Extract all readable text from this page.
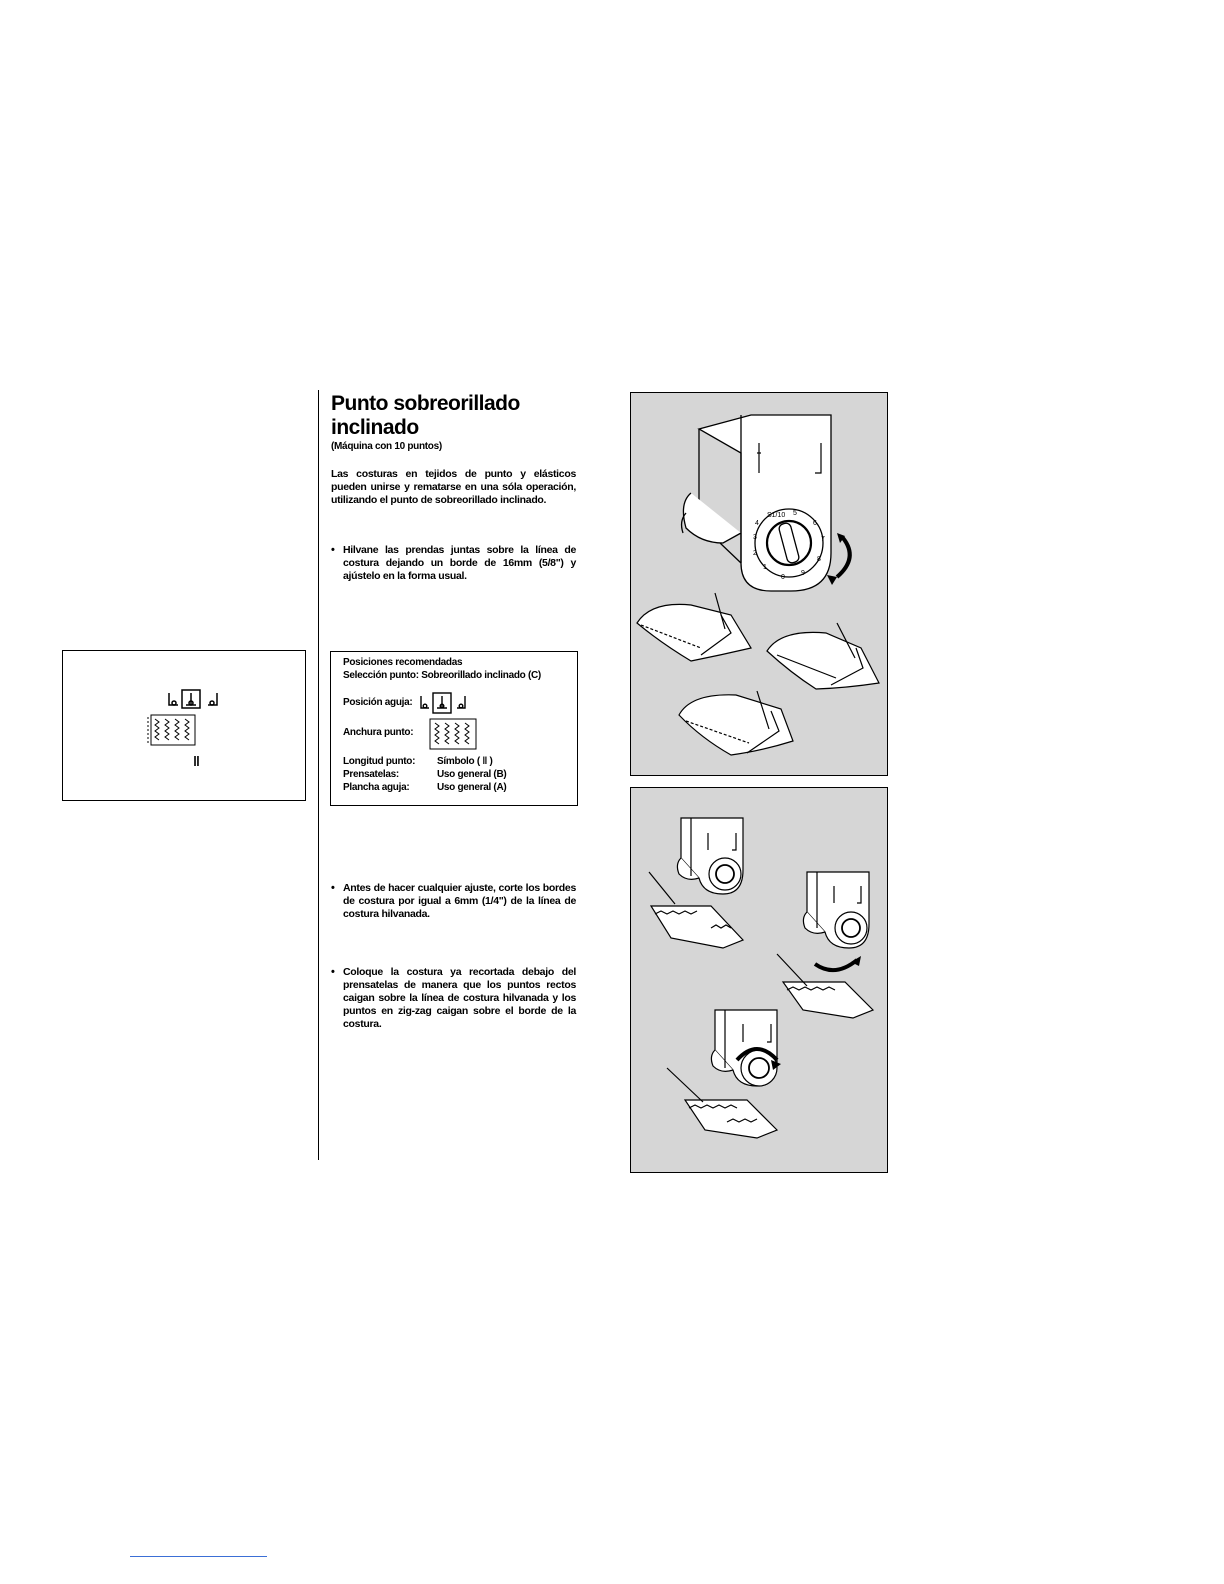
ǁ
Punto sobreorillado inclinado
(Máquina con 10 puntos)
Las costuras en tejidos de punto y elásticos pueden unirse y rematarse en una sóla operación, utilizando el punto de sobreorillado inclinado.
• Hilvane las prendas juntas sobre la línea de costura dejando un borde de 16mm (5/8") y ajústelo en la forma usual.
Posiciones recomendadas
Selección punto: Sobreorillado inclinado (C)
Posición aguja:
Anchura punto:
Longitud punto: Símbolo ( ǁ )
Prensatelas:	Uso general (B)
Plancha aguja:	Uso general (A)
• Antes de hacer cualquier ajuste, corte los bordes de costura por igual a 6mm (1/4") de la línea de costura hilvanada.
• Coloque la costura ya recortada debajo del prensatelas de manera que los puntos rectos caigan sobre la línea de costura hilvanada y los puntos en zig-zag caigan sobre el borde de la costura.
5
6
7
8
9
0
1
2
3
4
S1/10
